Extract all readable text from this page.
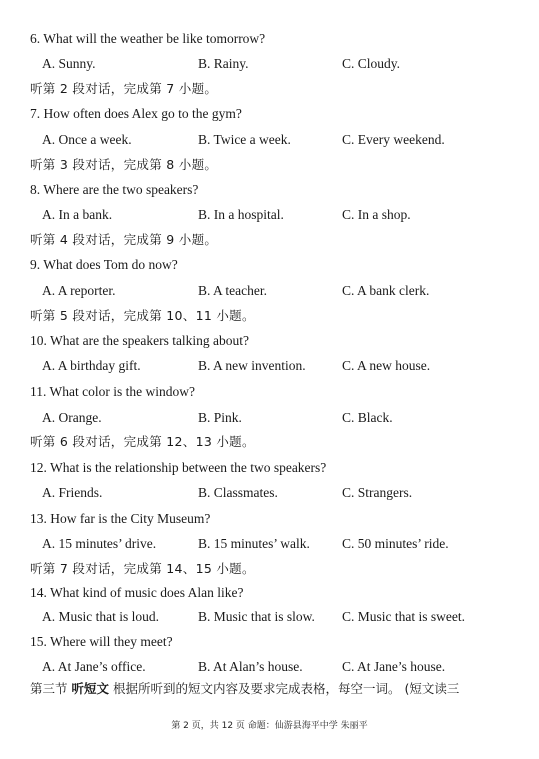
6. What will the weather be like tomorrow?
A. Sunny.	B. Rainy.	C. Cloudy.
听第 2 段对话，完成第 7 小题。
7. How often does Alex go to the gym?
A. Once a week.	B. Twice a week.	C. Every weekend.
听第 3 段对话，完成第 8 小题。
8. Where are the two speakers?
A. In a bank.	B. In a hospital.	C. In a shop.
听第 4 段对话，完成第 9 小题。
9. What does Tom do now?
A. A reporter.	B. A teacher.	C. A bank clerk.
听第 5 段对话，完成第 10、11 小题。
10. What are the speakers talking about?
A. A birthday gift.	B. A new invention.	C. A new house.
11. What color is the window?
A. Orange.	B. Pink.	C. Black.
听第 6 段对话，完成第 12、13 小题。
12. What is the relationship between the two speakers?
A. Friends.	B. Classmates.	C. Strangers.
13. How far is the City Museum?
A. 15 minutes’ drive.	B. 15 minutes’ walk. C. 50 minutes’ ride.
听第 7 段对话，完成第 14、15 小题。
14. What kind of music does Alan like?
A. Music that is loud.	B. Music that is slow. C. Music that is sweet.
15. Where will they meet?
A. At Jane’s office.	B. At Alan’s house.	C. At Jane’s house.
第三节 听短文 根据所听到的短文内容及要求完成表格，每空一词。 (短文读三
第 2 页，共 12 页 命题：仙游县海平中学 朱丽平
